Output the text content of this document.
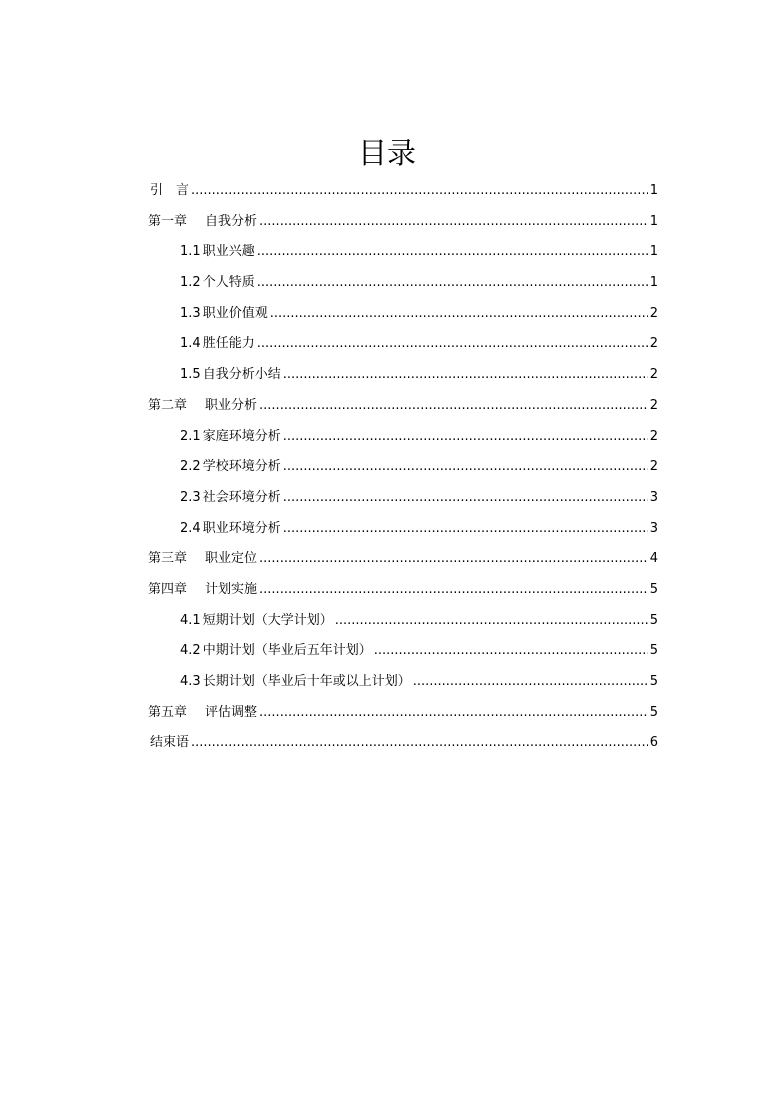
目录
引　言 .....	1
第一章 自我分析 .....	1
1.1 职业兴趣 .....	1
1.2 个人特质 .....	1
1.3 职业价值观 .....	2
1.4 胜任能力 .....	2
1.5 自我分析小结 .....	2
第二章 职业分析 .....	2
2.1 家庭环境分析 .....	2
2.2 学校环境分析 .....	2
2.3 社会环境分析 .....	3
2.4 职业环境分析 .....	3
第三章 职业定位 .....	4
第四章 计划实施 .....	5
4.1 短期计划（大学计划） .....	5
4.2 中期计划（毕业后五年计划） .....	5
4.3 长期计划（毕业后十年或以上计划） .....	5
第五章 评估调整 .....	5
结束语 .....	6
